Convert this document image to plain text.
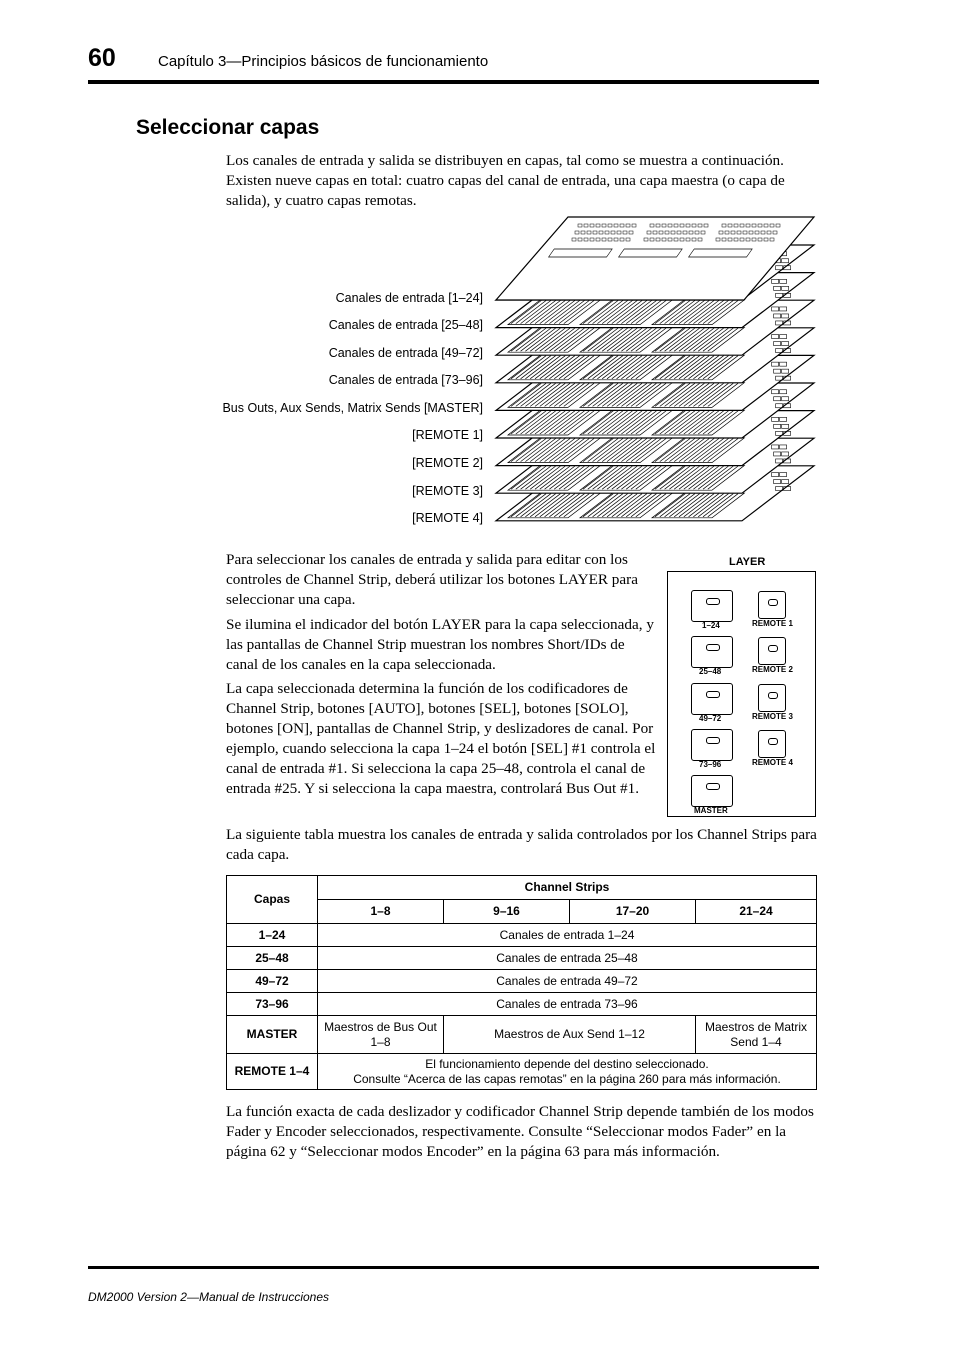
60	Capítulo 3—Principios básicos de funcionamiento
Seleccionar capas
Los canales de entrada y salida se distribuyen en capas, tal como se muestra a continuación. Existen nueve capas en total: cuatro capas del canal de entrada, una capa maestra (o capa de salida), y cuatro capas remotas.
Canales de entrada [1–24]
Canales de entrada [25–48]
Canales de entrada [49–72]
Canales de entrada [73–96]
Bus Outs, Aux Sends, Matrix Sends [MASTER]
[REMOTE 1]
[REMOTE 2]
[REMOTE 3]
[REMOTE 4]
Para seleccionar los canales de entrada y salida para editar con los controles de Channel Strip, deberá utilizar los botones LAYER para seleccionar una capa.
Se ilumina el indicador del botón LAYER para la capa seleccionada, y las pantallas de Channel Strip muestran los nombres Short/IDs de canal de los canales en la capa seleccionada.
La capa seleccionada determina la función de los codificadores de Channel Strip, botones [AUTO], botones [SEL], botones [SOLO], botones [ON], pantallas de Channel Strip, y deslizadores de canal. Por ejemplo, cuando selecciona la capa 1–24 el botón [SEL] #1 controla el canal de entrada #1. Si selecciona la capa 25–48, controla el canal de entrada #25. Y si selecciona la capa maestra, controlará Bus Out #1.
La siguiente tabla muestra los canales de entrada y salida controlados por los Channel Strips para cada capa.
LAYER
1–24
25–48
49–72
73–96
MASTER
REMOTE 1
REMOTE 2
REMOTE 3
REMOTE 4
Capas	Channel Strips			
	1–8	9–16	17–20	21–24
1–24	Canales de entrada 1–24			
25–48	Canales de entrada 25–48			
49–72	Canales de entrada 49–72			
73–96	Canales de entrada 73–96			
MASTER	Maestros de Bus Out 1–8	Maestros de Aux Send 1–12		Maestros de Matrix Send 1–4
REMOTE 1–4	El funcionamiento depende del destino seleccionado.
Consulte “Acerca de las capas remotas” en la página 260 para más información.			
La función exacta de cada deslizador y codificador Channel Strip depende también de los modos Fader y Encoder seleccionados, respectivamente. Consulte “Seleccionar modos Fader” en la página 62 y “Seleccionar modos Encoder” en la página 63 para más información.
DM2000 Version 2—Manual de Instrucciones
